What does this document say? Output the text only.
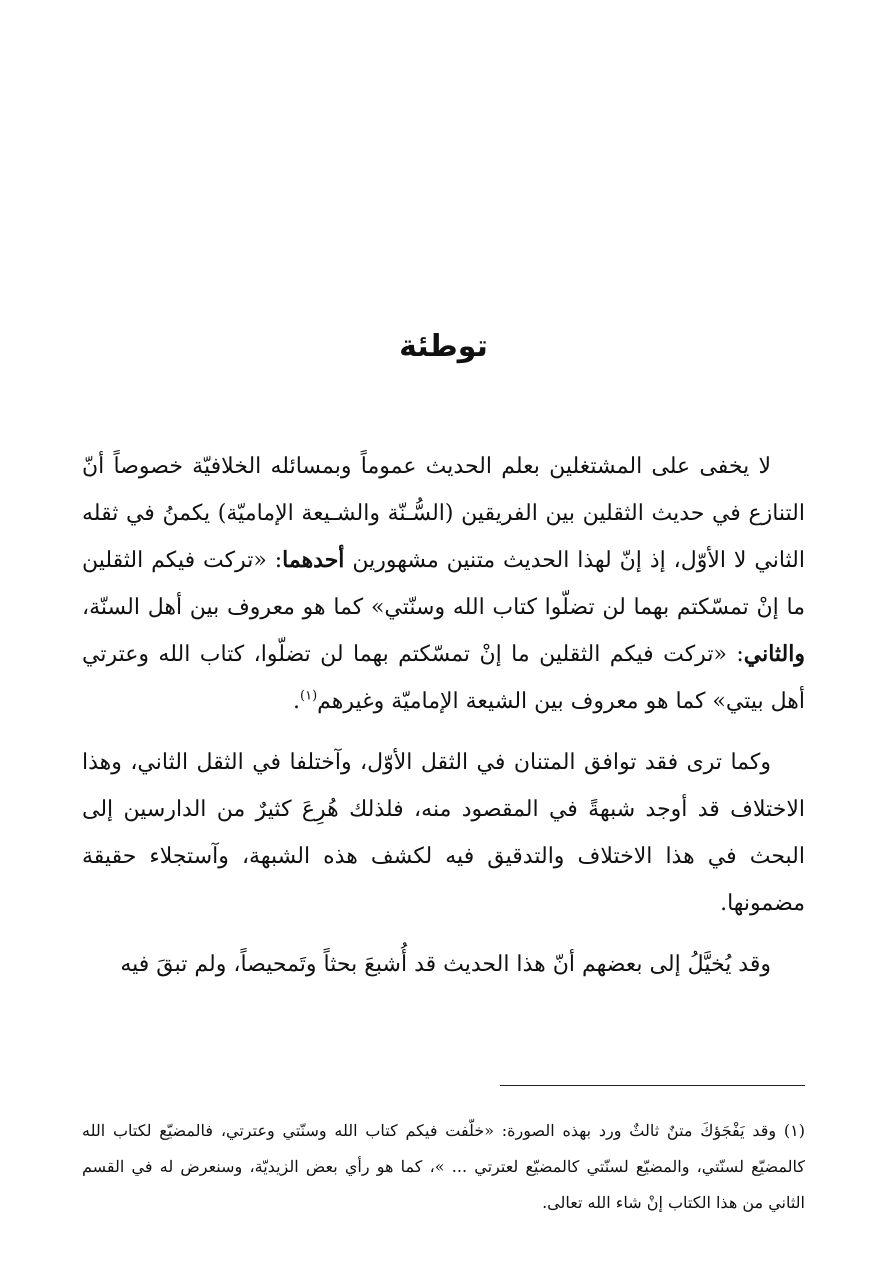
توطئة

لا يخفى على المشتغلين بعلم الحديث عموماً وبمسائله الخلافيّة خصوصاً أنّ التنازع في حديث الثقلين بين الفريقين (السُّـنّة والشـيعة الإماميّة) يكمنُ في ثقله الثاني لا الأوّل، إذ إنّ لهذا الحديث متنين مشهورين أحدهما: «تركت فيكم الثقلين ما إنْ تمسّكتم بهما لن تضلّوا كتاب الله وسنّتي» كما هو معروف بين أهل السنّة، والثاني: «تركت فيكم الثقلين ما إنْ تمسّكتم بهما لن تضلّوا، كتاب الله وعترتي أهل بيتي» كما هو معروف بين الشيعة الإماميّة وغيرهم$^{(١)}$.

وكما ترى فقد توافق المتنان في الثقل الأوّل، وآختلفا في الثقل الثاني، وهذا الاختلاف قد أوجد شبهةً في المقصود منه، فلذلك هُرِعَ كثيرٌ من الدارسين إلى البحث في هذا الاختلاف والتدقيق فيه لكشف هذه الشبهة، وآستجلاء حقيقة مضمونها.

وقد يُخيَّلُ إلى بعضهم أنّ هذا الحديث قد أُشبعَ بحثاً وتَمحيصاً، ولم تبقَ فيه

(١) وقد يَفْجَؤكَ متنٌ ثالثٌ ورد بهذه الصورة: «خلّفت فيكم كتاب الله وسنّتي وعترتي، فالمضيّع لكتاب الله كالمضيّع لسنّتي، والمضيّع لسنّتي كالمضيّع لعترتي ... »، كما هو رأي بعض الزيديّة، وسنعرض له في القسم الثاني من هذا الكتاب إنْ شاء الله تعالى.
